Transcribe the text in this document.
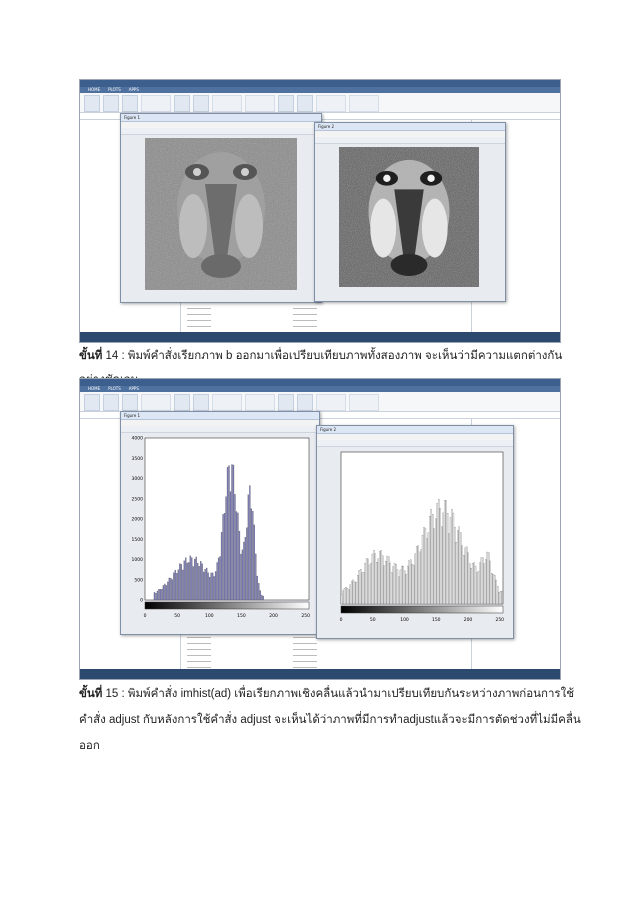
HOME PLOTS APPS
Figure 1
Figure 2

ขั้นที่ 14 : พิมพ์คำสั่งเรียกภาพ b ออกมาเพื่อเปรียบเทียบภาพทั้งสองภาพ จะเห็นว่ามีความแตกต่างกัน

HOME PLOTS APPS
Figure 1
0	50	100	150	200	250
4000
3500
3000
2500
2000
1500
1000
500
0
Figure 2
0	50	100	150	200	250

ขั้นที่ 15 : พิมพ์คำสั่ง imhist(ad) เพื่อเรียกภาพเชิงคลื่นแล้วนำมาเปรียบเทียบกันระหว่างภาพก่อนการใช้

คำสั่ง adjust กับหลังการใช้คำสั่ง adjust จะเห็นได้ว่าภาพที่มีการทำadjustแล้วจะมีการตัดช่วงที่ไม่มีคลื่น

ออก
